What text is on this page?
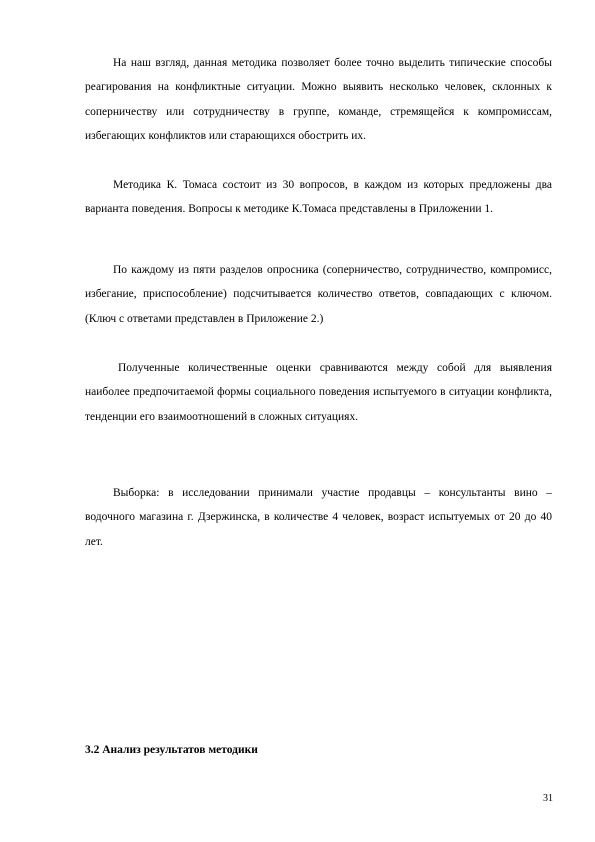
На наш взгляд, данная методика позволяет более точно выделить типические способы реагирования на конфликтные ситуации. Можно выявить несколько человек, склонных к соперничеству или сотрудничеству в группе, команде, стремящейся к компромиссам, избегающих конфликтов или старающихся обострить их.

Методика К. Томаса состоит из 30 вопросов, в каждом из которых предложены два варианта поведения. Вопросы к методике К.Томаса представлены в Приложении 1.

По каждому из пяти разделов опросника (соперничество, сотрудничество, компромисс, избегание, приспособление) подсчитывается количество ответов, совпадающих с ключом. (Ключ с ответами представлен в Приложение 2.)

Полученные количественные оценки сравниваются между собой для выявления наиболее предпочитаемой формы социального поведения испытуемого в ситуации конфликта, тенденции его взаимоотношений в сложных ситуациях.

Выборка: в исследовании принимали участие продавцы – консультанты вино – водочного магазина г. Дзержинска, в количестве 4 человек, возраст испытуемых от 20 до 40 лет.

3.2 Анализ результатов методики
31
